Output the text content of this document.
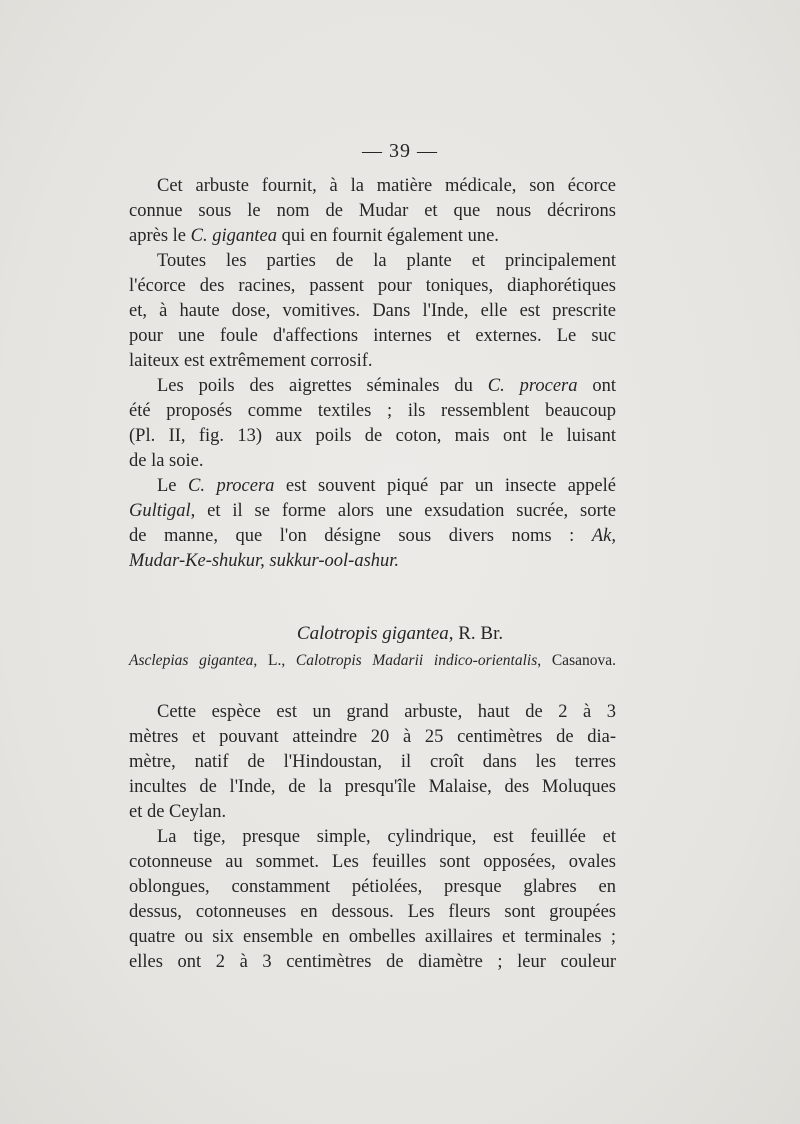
— 39 —
Cet arbuste fournit, à la matière médicale, son écorce
connue sous le nom de Mudar et que nous décrirons
après le C. gigantea qui en fournit également une.
Toutes les parties de la plante et principalement
l'écorce des racines, passent pour toniques, diaphorétiques
et, à haute dose, vomitives. Dans l'Inde, elle est prescrite
pour une foule d'affections internes et externes. Le suc
laiteux est extrêmement corrosif.
Les poils des aigrettes séminales du C. procera ont
été proposés comme textiles ; ils ressemblent beaucoup
(Pl. II, fig. 13) aux poils de coton, mais ont le luisant
de la soie.
Le C. procera est souvent piqué par un insecte appelé
Gultigal, et il se forme alors une exsudation sucrée, sorte
de manne, que l'on désigne sous divers noms : Ak,
Mudar-Ke-shukur, sukkur-ool-ashur.
Calotropis gigantea, R. Br.
Asclepias gigantea, L., Calotropis Madarii indico-orientalis, Casanova.
Cette espèce est un grand arbuste, haut de 2 à 3
mètres et pouvant atteindre 20 à 25 centimètres de dia-
mètre, natif de l'Hindoustan, il croît dans les terres
incultes de l'Inde, de la presqu'île Malaise, des Moluques
et de Ceylan.
La tige, presque simple, cylindrique, est feuillée et
cotonneuse au sommet. Les feuilles sont opposées, ovales
oblongues, constamment pétiolées, presque glabres en
dessus, cotonneuses en dessous. Les fleurs sont groupées
quatre ou six ensemble en ombelles axillaires et terminales ;
elles ont 2 à 3 centimètres de diamètre ; leur couleur
